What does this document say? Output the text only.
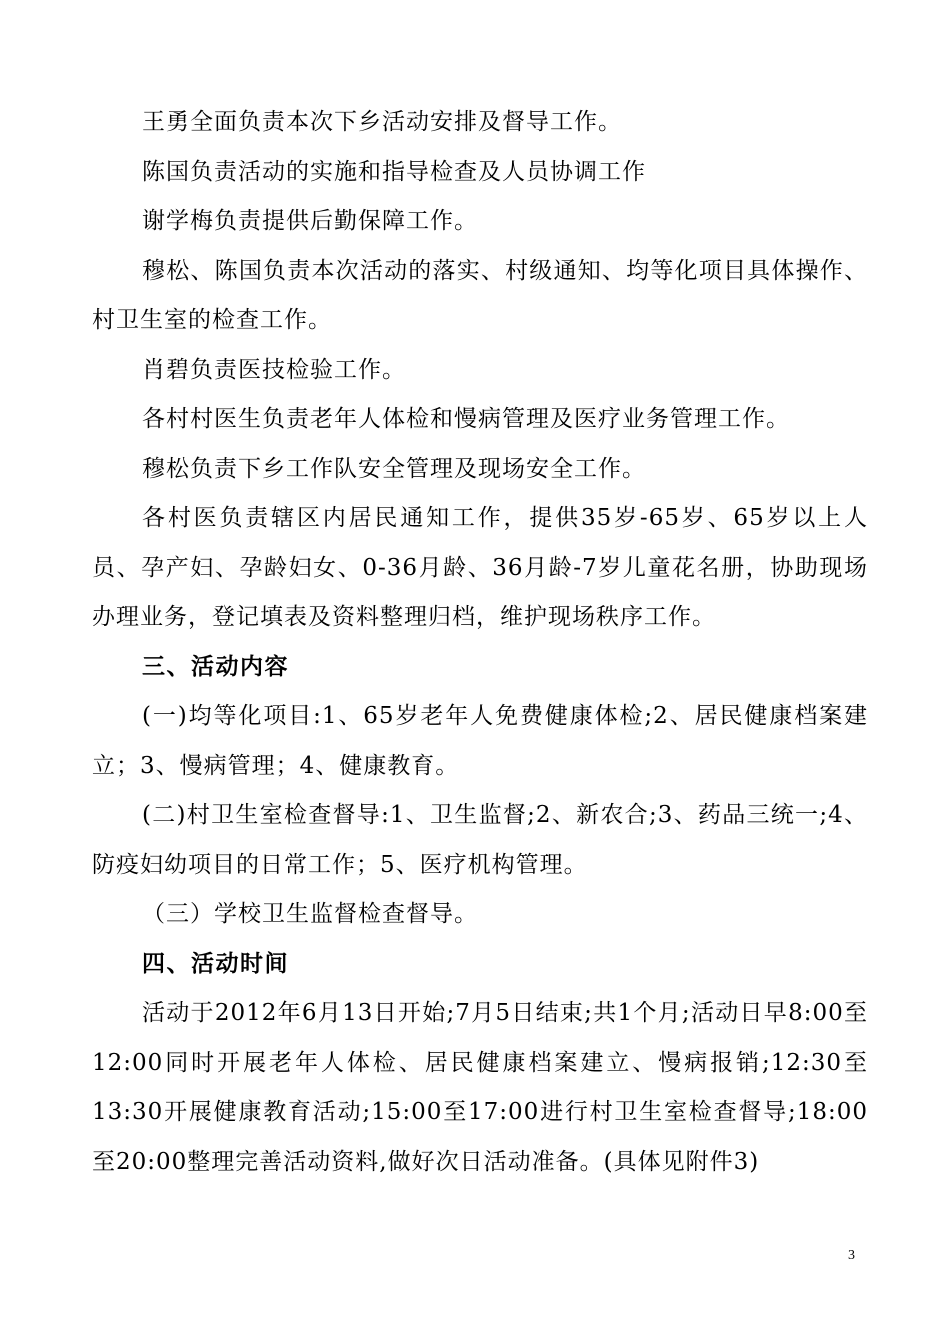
王勇全面负责本次下乡活动安排及督导工作。

陈国负责活动的实施和指导检查及人员协调工作

谢学梅负责提供后勤保障工作。

穆松、陈国负责本次活动的落实、村级通知、均等化项目具体操作、村卫生室的检查工作。

肖碧负责医技检验工作。

各村村医生负责老年人体检和慢病管理及医疗业务管理工作。

穆松负责下乡工作队安全管理及现场安全工作。

各村医负责辖区内居民通知工作，提供35岁-65岁、65岁以上人员、孕产妇、孕龄妇女、0-36月龄、36月龄-7岁儿童花名册，协助现场办理业务，登记填表及资料整理归档，维护现场秩序工作。

三、活动内容

(一)均等化项目:1、65岁老年人免费健康体检;2、居民健康档案建立；3、慢病管理；4、健康教育。

(二)村卫生室检查督导:1、卫生监督;2、新农合;3、药品三统一;4、防疫妇幼项目的日常工作；5、医疗机构管理。

（三）学校卫生监督检查督导。

四、活动时间

活动于2012年6月13日开始;7月5日结束;共1个月;活动日早8:00至12:00同时开展老年人体检、居民健康档案建立、慢病报销;12:30至13:30开展健康教育活动;15:00至17:00进行村卫生室检查督导;18:00至20:00整理完善活动资料,做好次日活动准备。(具体见附件3)

3
